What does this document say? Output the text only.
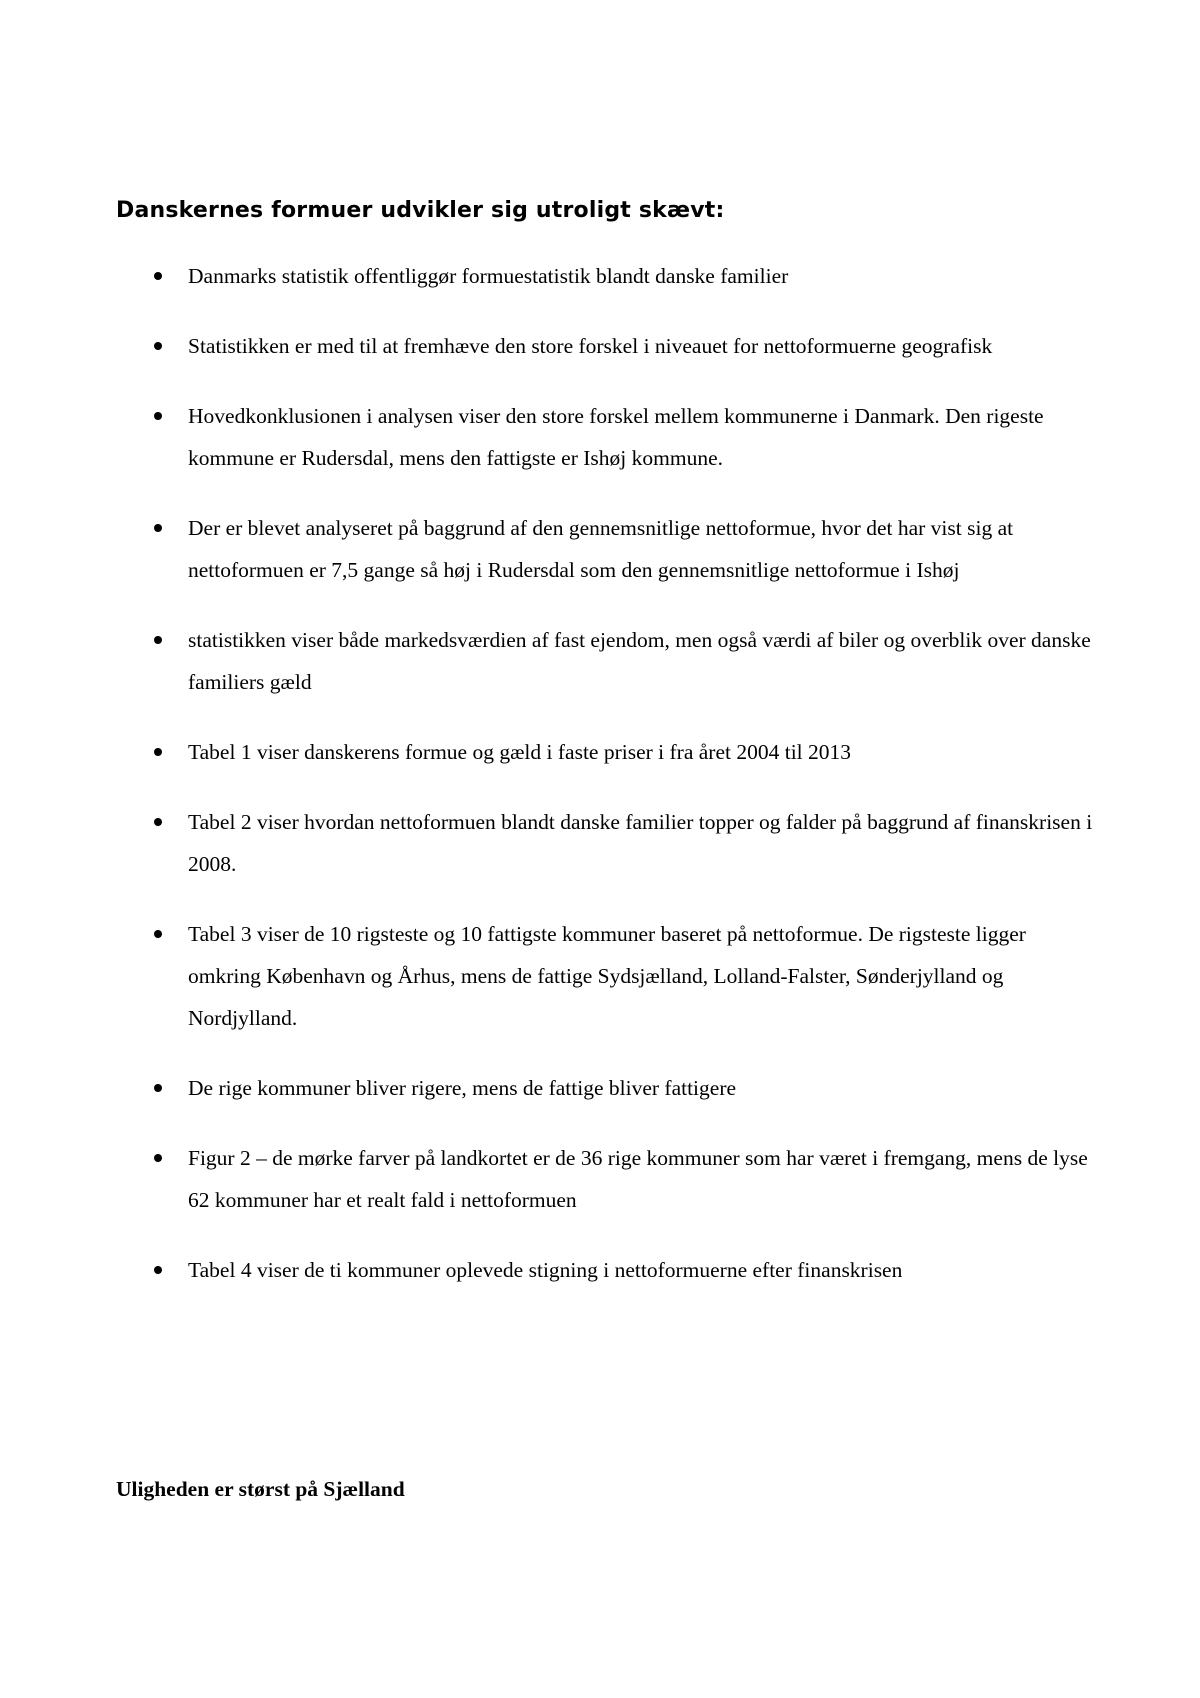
Danskernes formuer udvikler sig utroligt skævt:
Danmarks statistik offentliggør formuestatistik blandt danske familier
Statistikken er med til at fremhæve den store forskel i niveauet for nettoformuerne geografisk
Hovedkonklusionen i analysen viser den store forskel mellem kommunerne i Danmark. Den rigeste kommune er Rudersdal, mens den fattigste er Ishøj kommune.
Der er blevet analyseret på baggrund af den gennemsnitlige nettoformue, hvor det har vist sig at nettoformuen er 7,5 gange så høj i Rudersdal som den gennemsnitlige nettoformue i Ishøj
statistikken viser både markedsværdien af fast ejendom, men også værdi af biler og overblik over danske familiers gæld
Tabel 1 viser danskerens formue og gæld i faste priser i fra året 2004 til 2013
Tabel 2 viser hvordan nettoformuen blandt danske familier topper og falder på baggrund af finanskrisen i 2008.
Tabel 3 viser de 10 rigsteste og 10 fattigste kommuner baseret på nettoformue. De rigsteste ligger omkring København og Århus, mens de fattige Sydsjælland, Lolland-Falster, Sønderjylland og Nordjylland.
De rige kommuner bliver rigere, mens de fattige bliver fattigere
Figur 2 – de mørke farver på landkortet er de 36 rige kommuner som har været i fremgang, mens de lyse 62 kommuner har et realt fald i nettoformuen
Tabel 4 viser de ti kommuner oplevede stigning i nettoformuerne efter finanskrisen
Uligheden er størst på Sjælland
